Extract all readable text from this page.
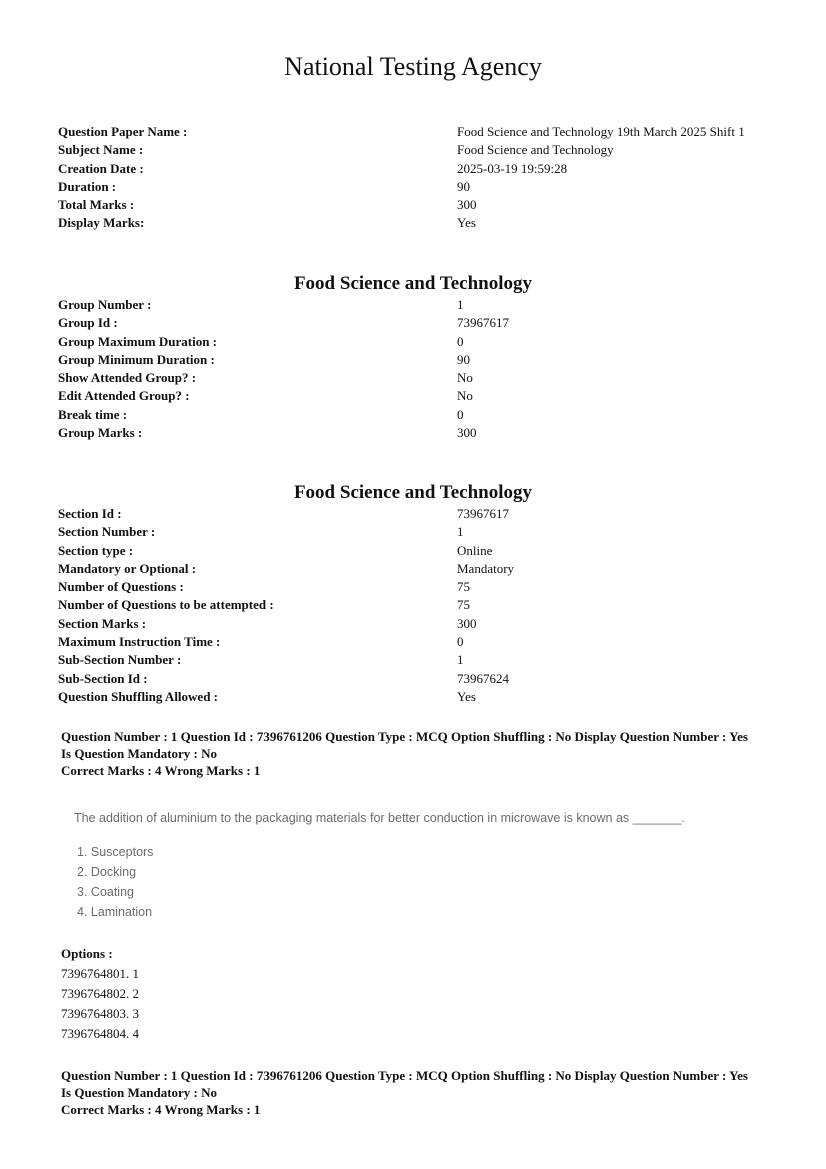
National Testing Agency
Question Paper Name :	Food Science and Technology 19th March 2025 Shift 1
Subject Name :	Food Science and Technology
Creation Date :	2025-03-19 19:59:28
Duration :	90
Total Marks :	300
Display Marks:	Yes
Food Science and Technology
Group Number :	1
Group Id :	73967617
Group Maximum Duration :	0
Group Minimum Duration :	90
Show Attended Group? :	No
Edit Attended Group? :	No
Break time :	0
Group Marks :	300
Food Science and Technology
Section Id :	73967617
Section Number :	1
Section type :	Online
Mandatory or Optional :	Mandatory
Number of Questions :	75
Number of Questions to be attempted :	75
Section Marks :	300
Maximum Instruction Time :	0
Sub-Section Number :	1
Sub-Section Id :	73967624
Question Shuffling Allowed :	Yes
Question Number : 1 Question Id : 7396761206 Question Type : MCQ Option Shuffling : No Display Question Number : Yes
Is Question Mandatory : No
Correct Marks : 4 Wrong Marks : 1
The addition of aluminium to the packaging materials for better conduction in microwave is known as _______.
1. Susceptors
2. Docking
3. Coating
4. Lamination
Options :
7396764801. 1
7396764802. 2
7396764803. 3
7396764804. 4
Question Number : 1 Question Id : 7396761206 Question Type : MCQ Option Shuffling : No Display Question Number : Yes
Is Question Mandatory : No
Correct Marks : 4 Wrong Marks : 1
